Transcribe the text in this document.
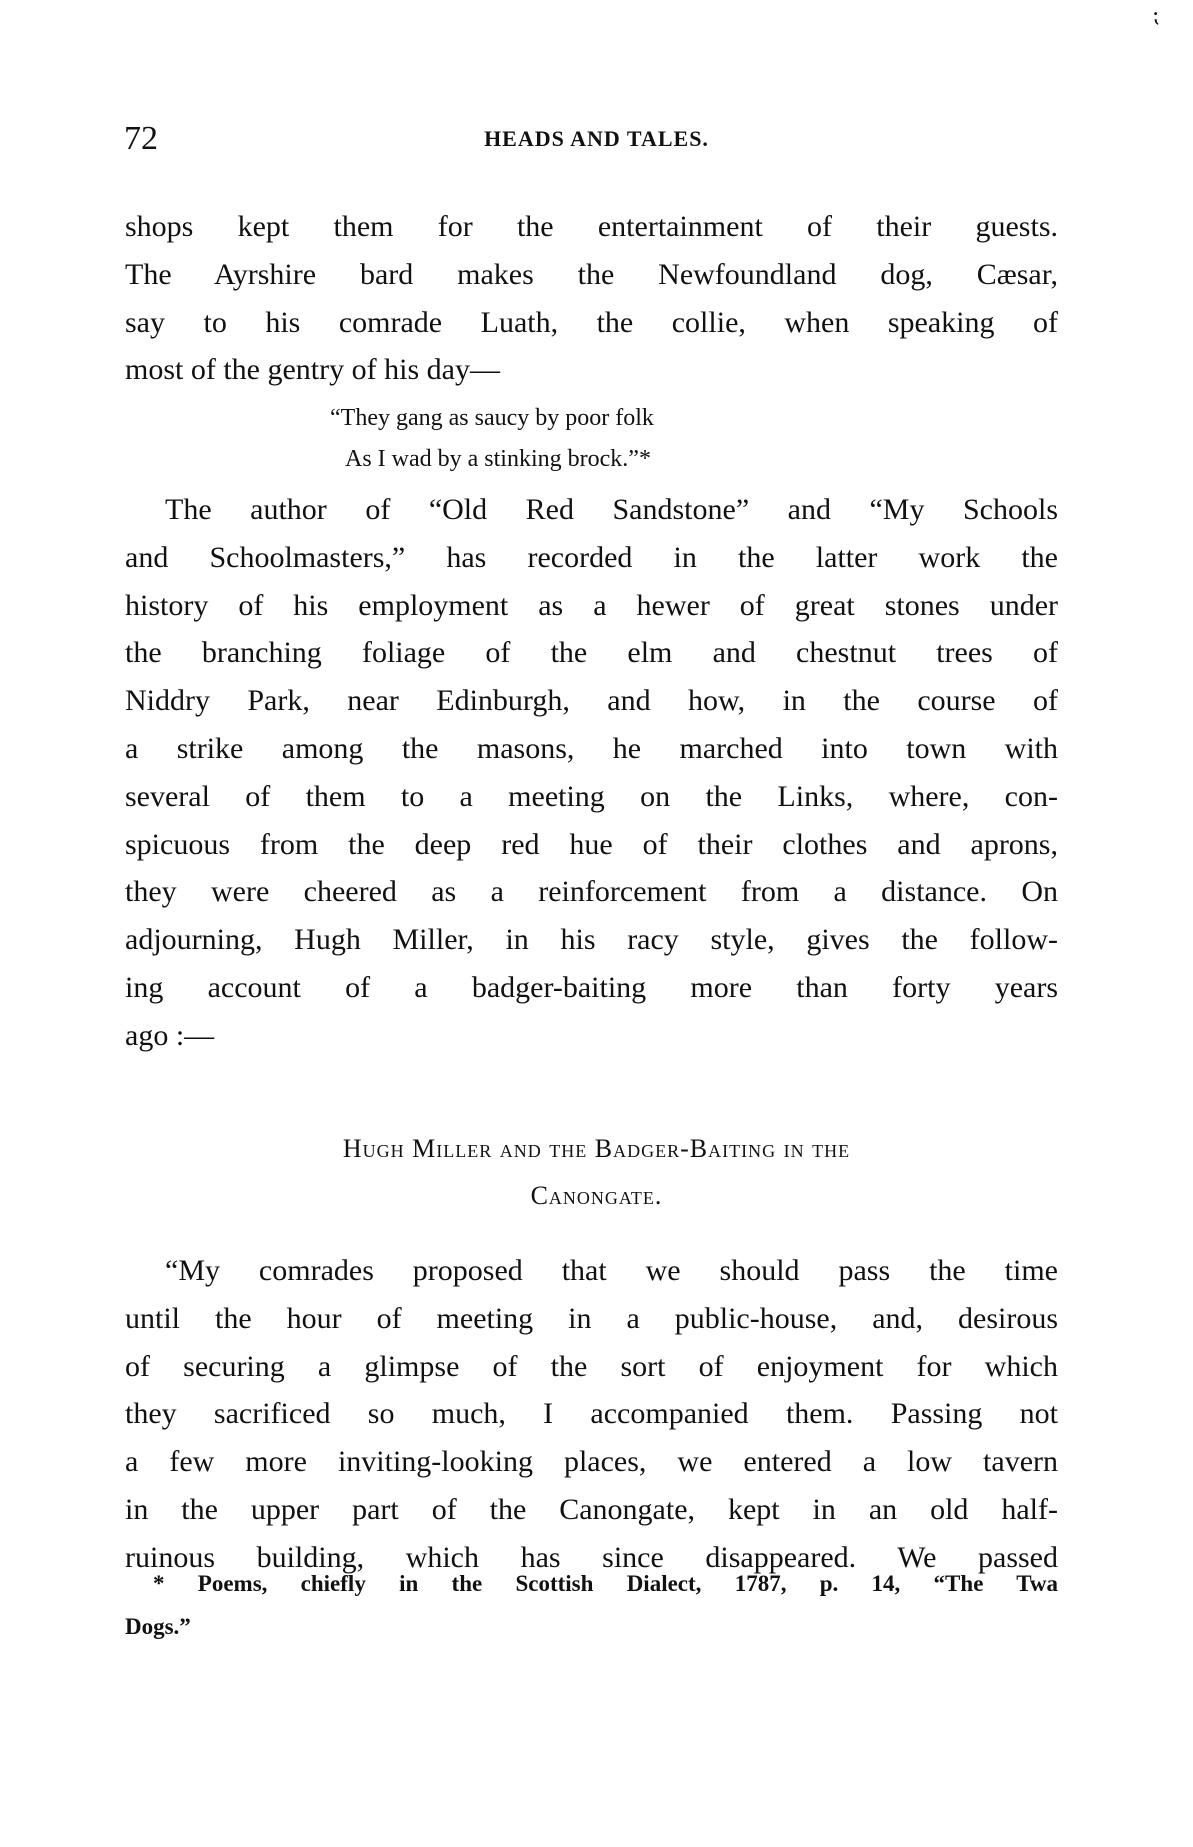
⁏
72	HEADS AND TALES.
shops kept them for the entertainment of their guests.
The Ayrshire bard makes the Newfoundland dog, Cæsar,
say to his comrade Luath, the collie, when speaking of
most of the gentry of his day—
“They gang as saucy by poor folk
As I wad by a stinking brock.”*
The author of “Old Red Sandstone” and “My Schools
and Schoolmasters,” has recorded in the latter work the
history of his employment as a hewer of great stones under
the branching foliage of the elm and chestnut trees of
Niddry Park, near Edinburgh, and how, in the course of
a strike among the masons, he marched into town with
several of them to a meeting on the Links, where, con-
spicuous from the deep red hue of their clothes and aprons,
they were cheered as a reinforcement from a distance. On
adjourning, Hugh Miller, in his racy style, gives the follow-
ing account of a badger-baiting more than forty years
ago :—
Hugh Miller and the Badger-Baiting in the
Canongate.
“My comrades proposed that we should pass the time
until the hour of meeting in a public-house, and, desirous
of securing a glimpse of the sort of enjoyment for which
they sacrificed so much, I accompanied them. Passing not
a few more inviting-looking places, we entered a low tavern
in the upper part of the Canongate, kept in an old half-
ruinous building, which has since disappeared. We passed
* Poems, chiefly in the Scottish Dialect, 1787, p. 14, “The Twa
Dogs.”
